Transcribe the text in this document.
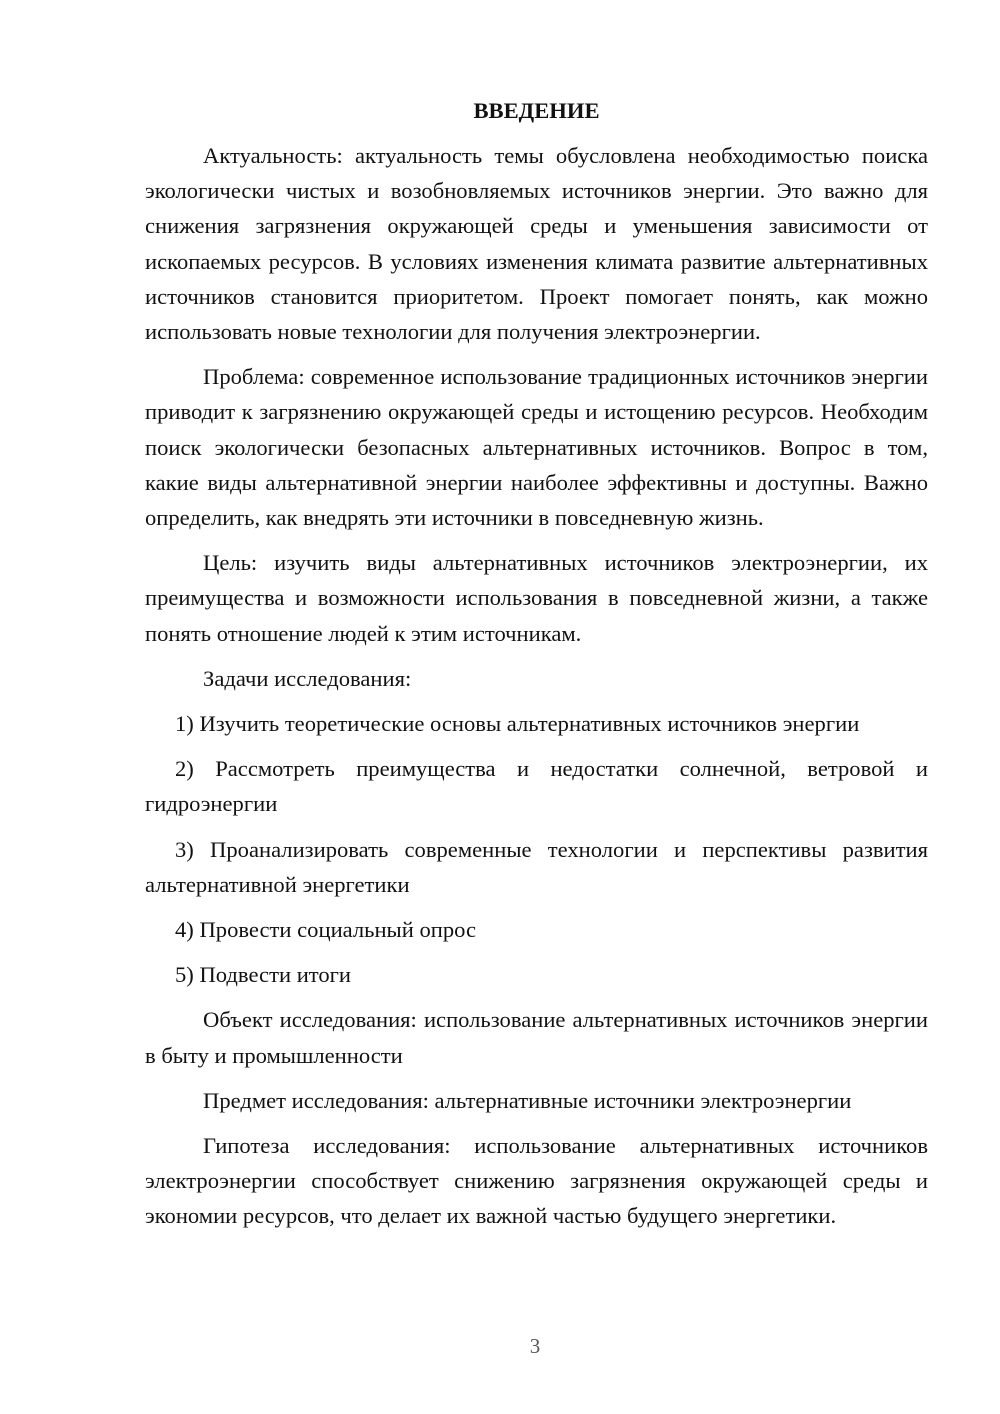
ВВЕДЕНИЕ

Актуальность: актуальность темы обусловлена необходимостью поиска экологически чистых и возобновляемых источников энергии. Это важно для снижения загрязнения окружающей среды и уменьшения зависимости от ископаемых ресурсов. В условиях изменения климата развитие альтернативных источников становится приоритетом. Проект помогает понять, как можно использовать новые технологии для получения электроэнергии.

Проблема: современное использование традиционных источников энергии приводит к загрязнению окружающей среды и истощению ресурсов. Необходим поиск экологически безопасных альтернативных источников. Вопрос в том, какие виды альтернативной энергии наиболее эффективны и доступны. Важно определить, как внедрять эти источники в повседневную жизнь.

Цель: изучить виды альтернативных источников электроэнергии, их преимущества и возможности использования в повседневной жизни, а также понять отношение людей к этим источникам.

Задачи исследования:

1) Изучить теоретические основы альтернативных источников энергии

2) Рассмотреть преимущества и недостатки солнечной, ветровой и гидроэнергии

3) Проанализировать современные технологии и перспективы развития альтернативной энергетики

4) Провести социальный опрос

5) Подвести итоги

Объект исследования: использование альтернативных источников энергии в быту и промышленности

Предмет исследования: альтернативные источники электроэнергии

Гипотеза исследования: использование альтернативных источников электроэнергии способствует снижению загрязнения окружающей среды и экономии ресурсов, что делает их важной частью будущего энергетики.

3
